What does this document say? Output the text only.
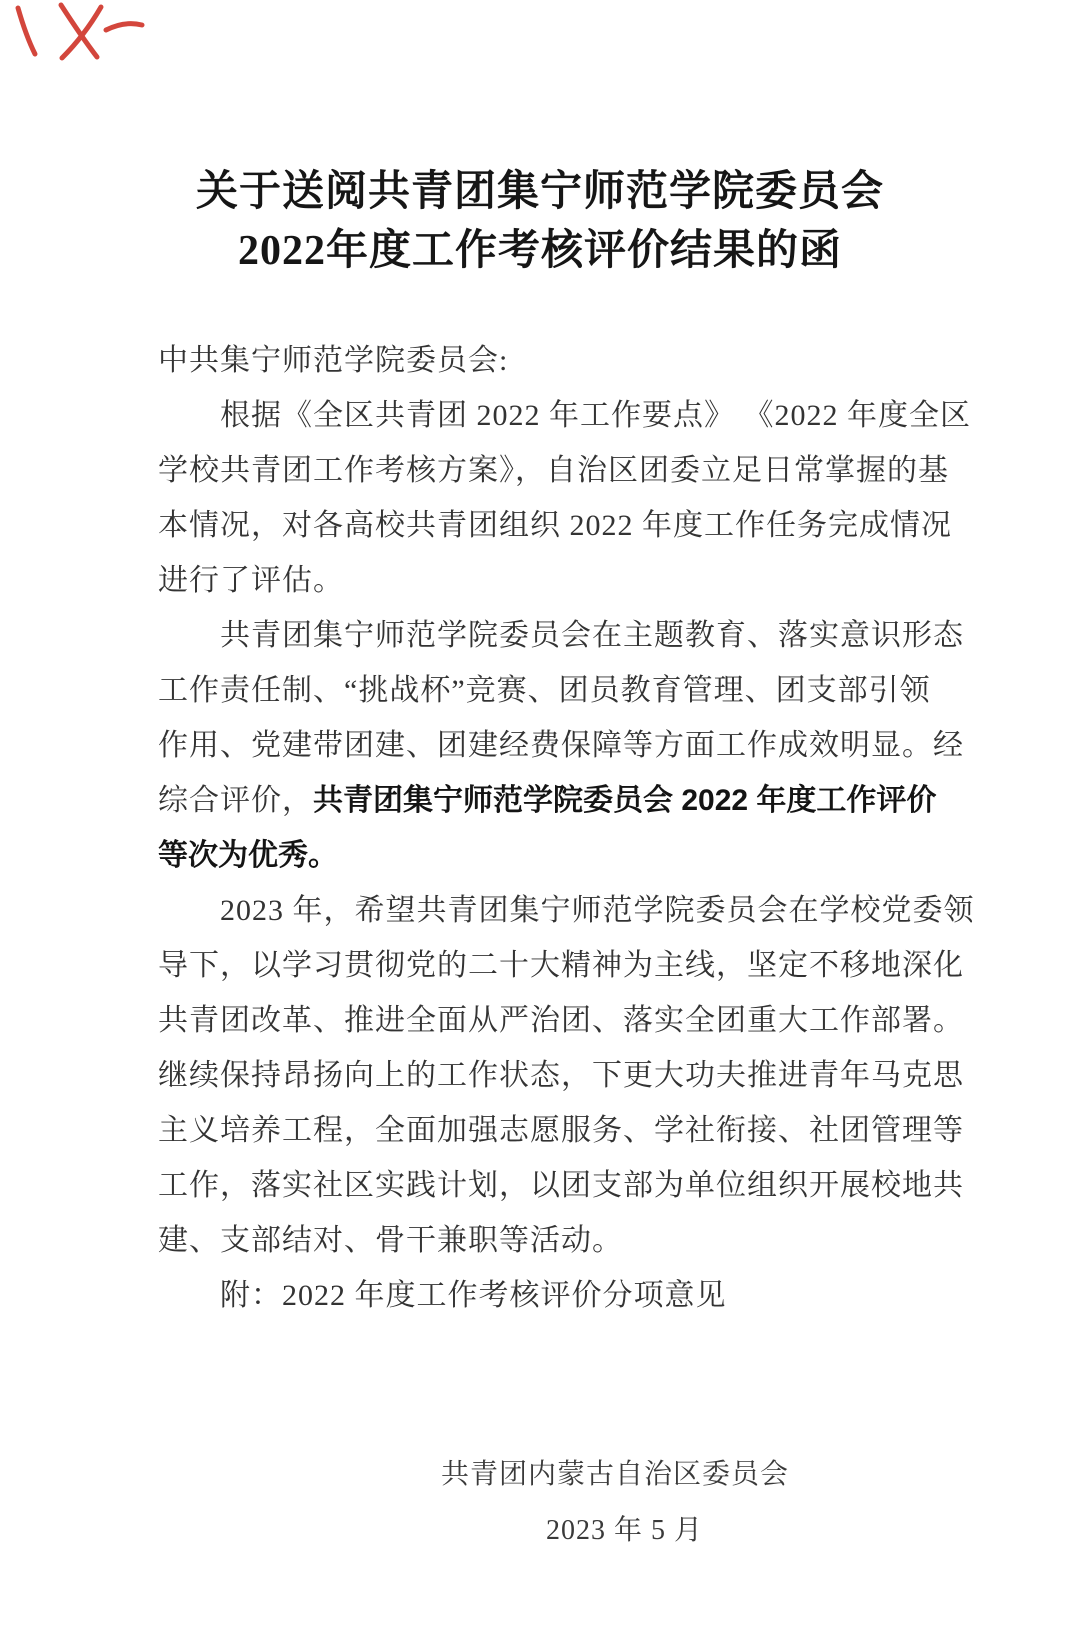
关于送阅共青团集宁师范学院委员会
2022年度工作考核评价结果的函
中共集宁师范学院委员会:
根据《全区共青团 2022 年工作要点》 《2022 年度全区
学校共青团工作考核方案》，自治区团委立足日常掌握的基
本情况，对各高校共青团组织 2022 年度工作任务完成情况
进行了评估。
共青团集宁师范学院委员会在主题教育、落实意识形态
工作责任制、“挑战杯”竞赛、团员教育管理、团支部引领
作用、党建带团建、团建经费保障等方面工作成效明显。经
综合评价，共青团集宁师范学院委员会 2022 年度工作评价
等次为优秀。
2023 年，希望共青团集宁师范学院委员会在学校党委领
导下，以学习贯彻党的二十大精神为主线，坚定不移地深化
共青团改革、推进全面从严治团、落实全团重大工作部署。
继续保持昂扬向上的工作状态，下更大功夫推进青年马克思
主义培养工程，全面加强志愿服务、学社衔接、社团管理等
工作，落实社区实践计划，以团支部为单位组织开展校地共
建、支部结对、骨干兼职等活动。
附：2022 年度工作考核评价分项意见
共青团内蒙古自治区委员会
2023 年 5 月
